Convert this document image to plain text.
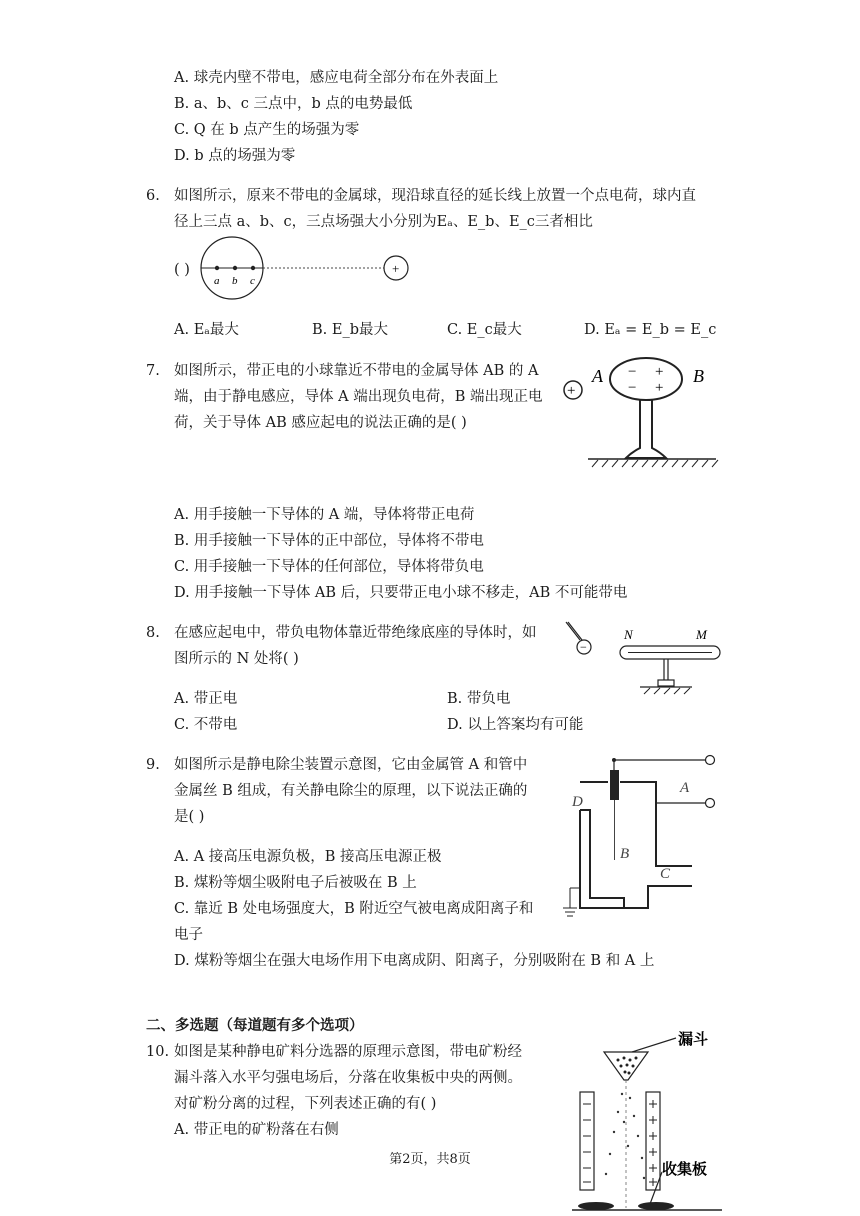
A. 球壳内壁不带电，感应电荷全部分布在外表面上
B. a、b、c 三点中，b 点的电势最低
C. Q 在 b 点产生的场强为零
D. b 点的场强为零
6. 如图所示，原来不带电的金属球，现沿球直径的延长线上放置一个点电荷，球内直
径上三点 a、b、c，三点场强大小分别为Eₐ、E_b、E_c三者相比
( )
a b c
+
A. Eₐ最大	B. E_b最大	C. E_c最大	D. Eₐ = E_b = E_c
7. 如图所示，带正电的小球靠近不带电的金属导体 AB 的 A
端，由于静电感应，导体 A 端出现负电荷，B 端出现正电
荷，关于导体 AB 感应起电的说法正确的是( )
+
A	B
−
−
+
+
A. 用手接触一下导体的 A 端，导体将带正电荷
B. 用手接触一下导体的正中部位，导体将不带电
C. 用手接触一下导体的任何部位，导体将带负电
D. 用手接触一下导体 AB 后，只要带正电小球不移走，AB 不可能带电
8. 在感应起电中，带负电物体靠近带绝缘底座的导体时，如
图所示的 N 处将( )
−
N	M
A. 带正电	B. 带负电
C. 不带电	D. 以上答案均有可能
9. 如图所示是静电除尘装置示意图，它由金属管 A 和管中
金属丝 B 组成，有关静电除尘的原理，以下说法正确的
是( )
A
B
C
D
A. A 接高压电源负极，B 接高压电源正极
B. 煤粉等烟尘吸附电子后被吸在 B 上
C. 靠近 B 处电场强度大，B 附近空气被电离成阳离子和
电子
D. 煤粉等烟尘在强大电场作用下电离成阴、阳离子，分别吸附在 B 和 A 上
二、多选题（每道题有多个选项）
10. 如图是某种静电矿料分选器的原理示意图，带电矿粉经
漏斗落入水平匀强电场后，分落在收集板中央的两侧。
对矿粉分离的过程，下列表述正确的有( )
A. 带正电的矿粉落在右侧
漏斗
收集板
第2页，共8页
